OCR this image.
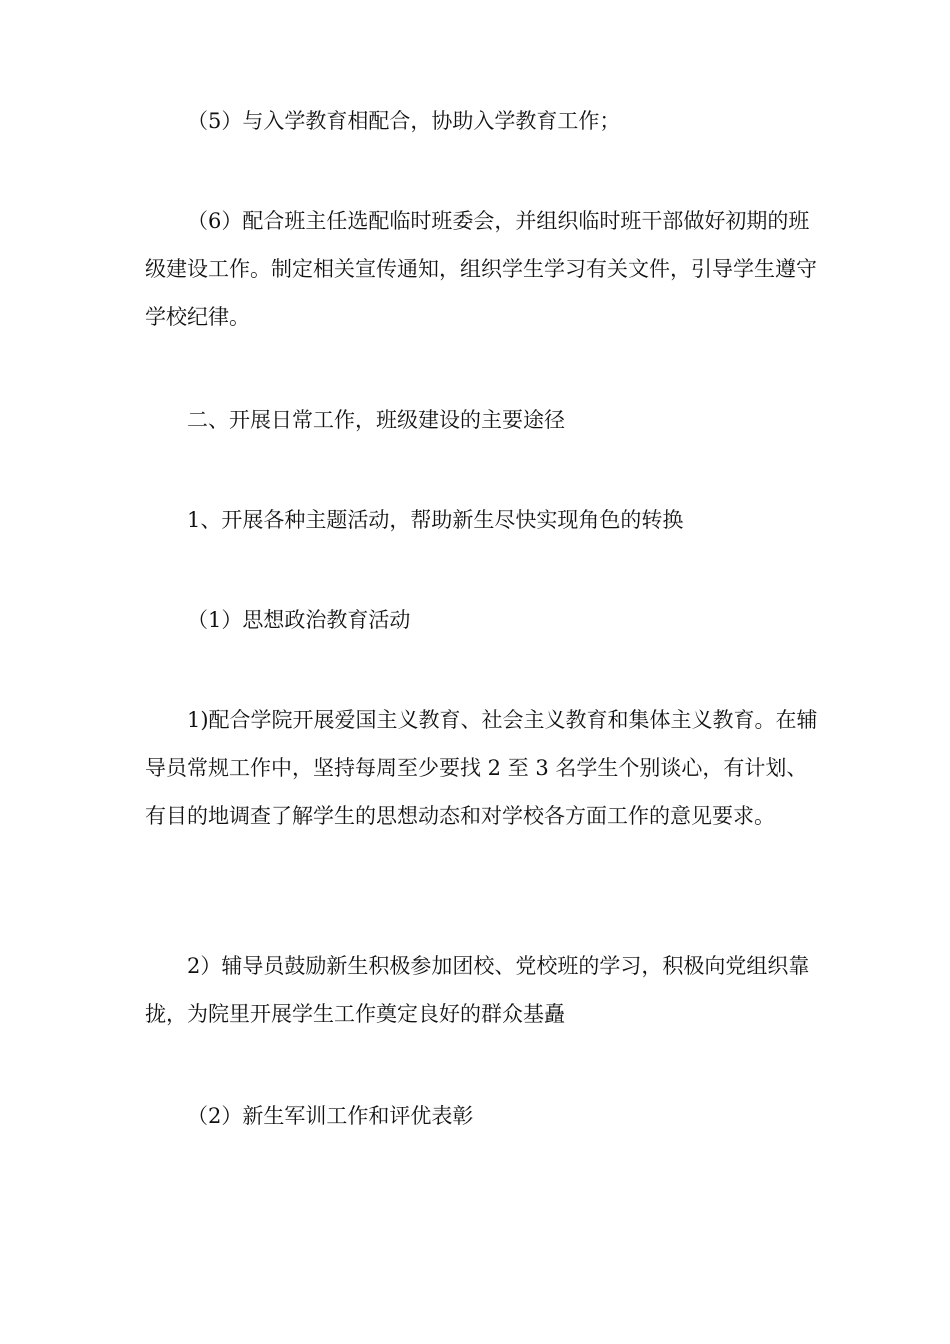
（5）与入学教育相配合，协助入学教育工作；

（6）配合班主任选配临时班委会，并组织临时班干部做好初期的班级建设工作。制定相关宣传通知，组织学生学习有关文件，引导学生遵守学校纪律。

二、开展日常工作，班级建设的主要途径

1、开展各种主题活动，帮助新生尽快实现角色的转换

（1）思想政治教育活动

1)配合学院开展爱国主义教育、社会主义教育和集体主义教育。在辅导员常规工作中，坚持每周至少要找 2 至 3 名学生个别谈心，有计划、有目的地调查了解学生的思想动态和对学校各方面工作的意见要求。

2）辅导员鼓励新生积极参加团校、党校班的学习，积极向党组织靠拢，为院里开展学生工作奠定良好的群众基矗

（2）新生军训工作和评优表彰
